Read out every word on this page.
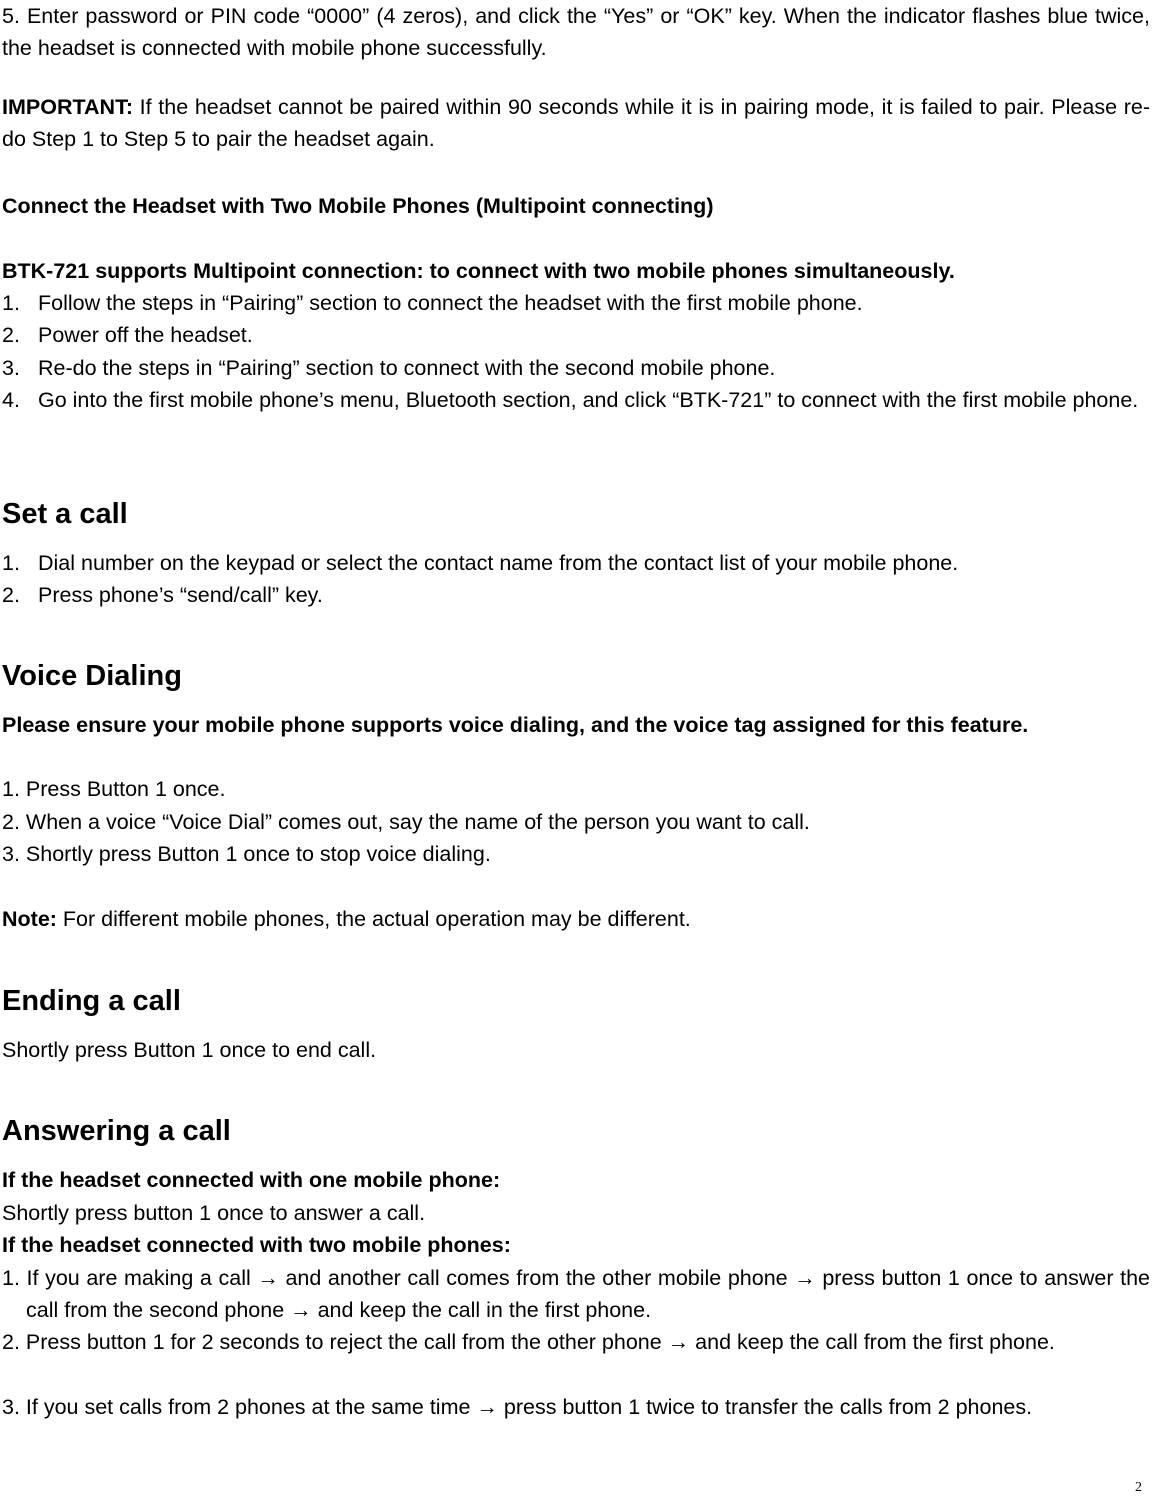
5. Enter password or PIN code “0000” (4 zeros), and click the “Yes” or “OK” key. When the indicator flashes blue twice, the headset is connected with mobile phone successfully.

IMPORTANT: If the headset cannot be paired within 90 seconds while it is in pairing mode, it is failed to pair. Please re-do Step 1 to Step 5 to pair the headset again.

Connect the Headset with Two Mobile Phones (Multipoint connecting)

BTK-721 supports Multipoint connection: to connect with two mobile phones simultaneously.

1. Follow the steps in “Pairing” section to connect the headset with the first mobile phone.
2. Power off the headset.
3. Re-do the steps in “Pairing” section to connect with the second mobile phone.
4. Go into the first mobile phone’s menu, Bluetooth section, and click “BTK-721” to connect with the first mobile phone.
Set a call
1. Dial number on the keypad or select the contact name from the contact list of your mobile phone.
2. Press phone’s “send/call” key.
Voice Dialing

Please ensure your mobile phone supports voice dialing, and the voice tag assigned for this feature.

1. Press Button 1 once.

2. When a voice “Voice Dial” comes out, say the name of the person you want to call.

3. Shortly press Button 1 once to stop voice dialing.

Note: For different mobile phones, the actual operation may be different.

Ending a call

Shortly press Button 1 once to end call.

Answering a call

If the headset connected with one mobile phone:

Shortly press button 1 once to answer a call.

If the headset connected with two mobile phones:

1. If you are making a call → and another call comes from the other mobile phone → press button 1 once to answer the call from the second phone → and keep the call in the first phone.
2. Press button 1 for 2 seconds to reject the call from the other phone → and keep the call from the first phone.
3. If you set calls from 2 phones at the same time → press button 1 twice to transfer the calls from 2 phones.
2
